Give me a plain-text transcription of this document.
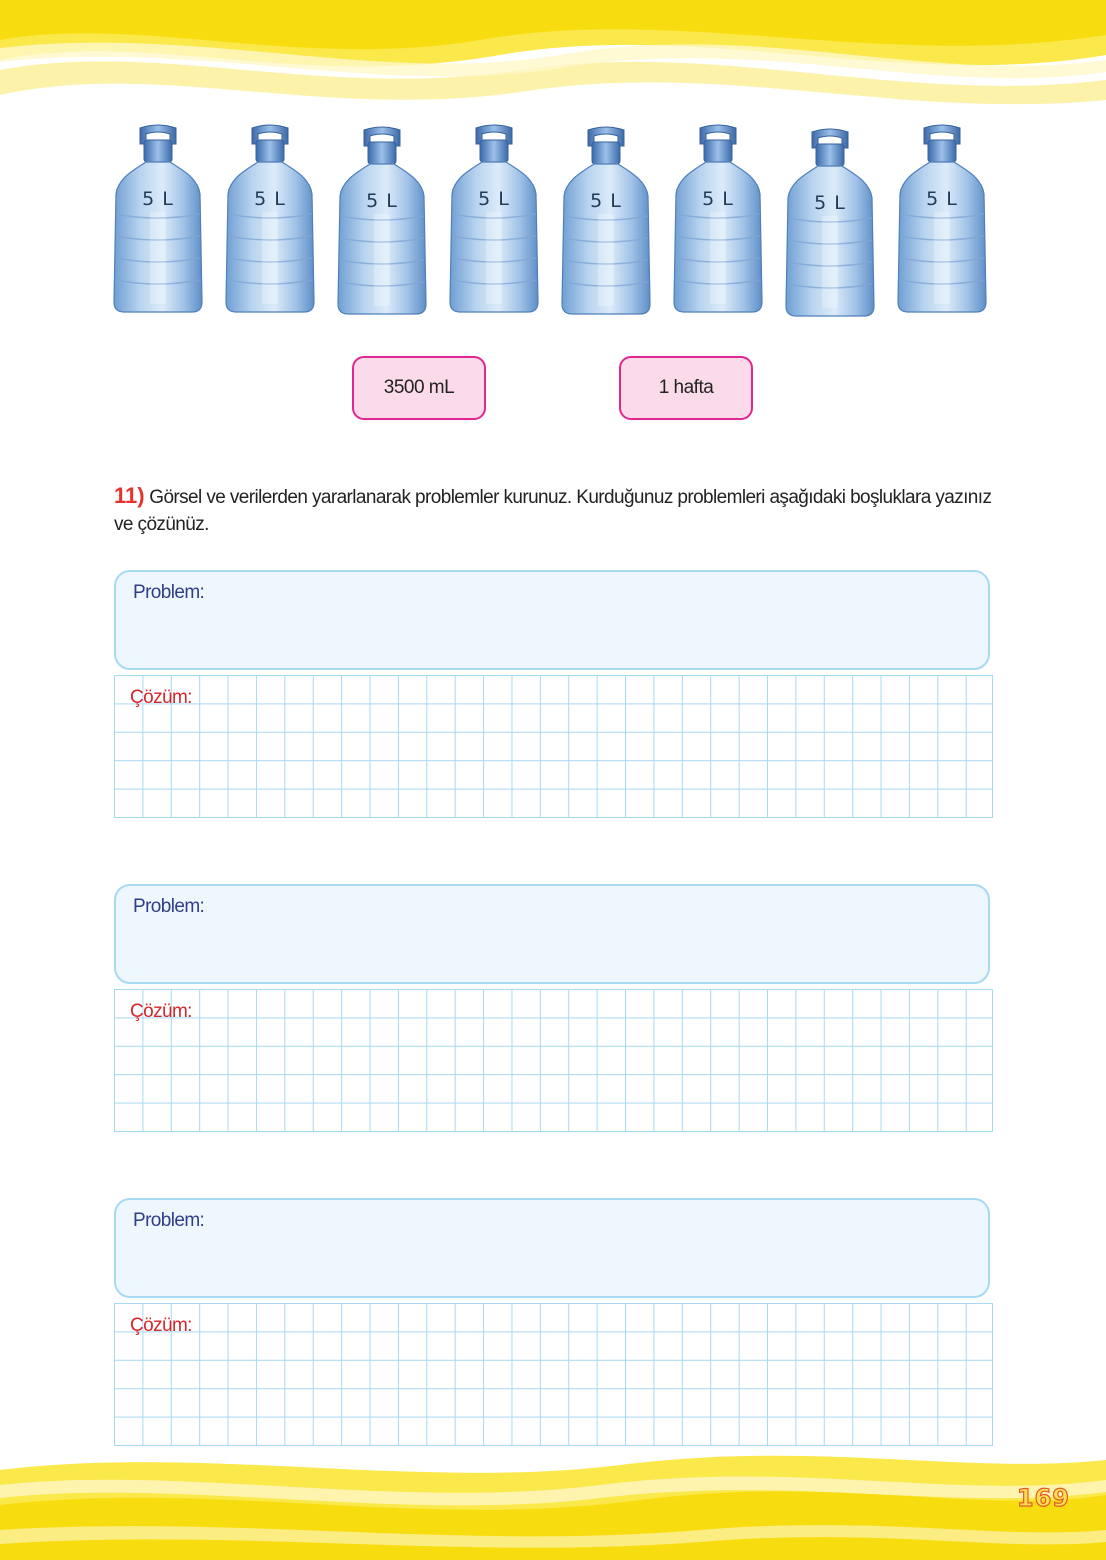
5 L	5 L	5 L	5 L	5 L	5 L	5 L	5 L
3500 mL	1 hafta
11) Görsel ve verilerden yararlanarak problemler kurunuz. Kurduğunuz problemleri aşağıdaki boşluklara yazınız ve çözünüz.
Problem:
Çözüm:
Problem:
Çözüm:
Problem:
Çözüm:
169
